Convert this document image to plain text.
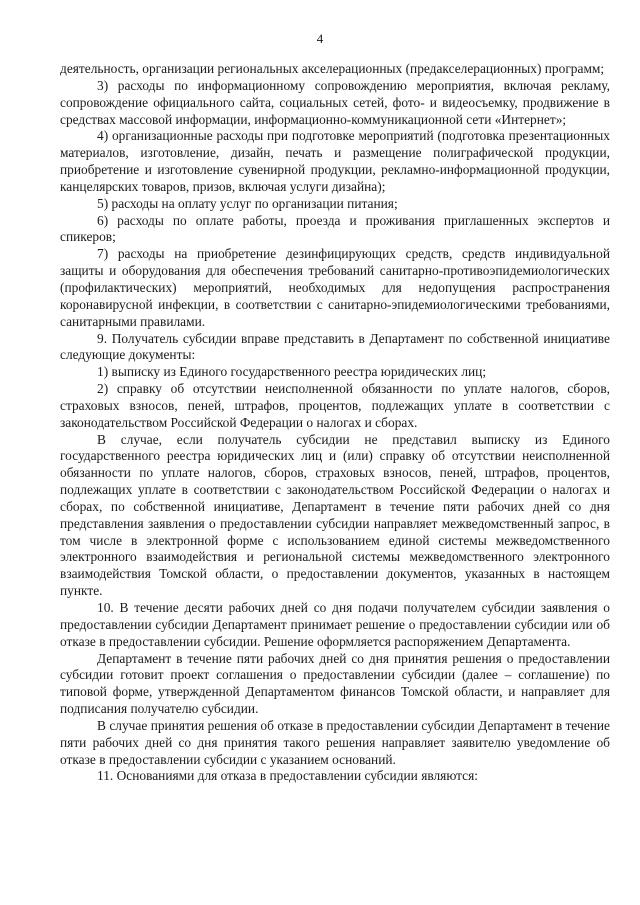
4

деятельность, организации региональных акселерационных (предакселерационных) программ;

3) расходы по информационному сопровождению мероприятия, включая рекламу, сопровождение официального сайта, социальных сетей, фото- и видеосъемку, продвижение в средствах массовой информации, информационно-коммуникационной сети «Интернет»;

4) организационные расходы при подготовке мероприятий (подготовка презентационных материалов, изготовление, дизайн, печать и размещение полиграфической продукции, приобретение и изготовление сувенирной продукции, рекламно-информационной продукции, канцелярских товаров, призов, включая услуги дизайна);

5) расходы на оплату услуг по организации питания;

6) расходы по оплате работы, проезда и проживания приглашенных экспертов и спикеров;

7) расходы на приобретение дезинфицирующих средств, средств индивидуальной защиты и оборудования для обеспечения требований санитарно-противоэпидемиологических (профилактических) мероприятий, необходимых для недопущения распространения коронавирусной инфекции, в соответствии с санитарно-эпидемиологическими требованиями, санитарными правилами.

9. Получатель субсидии вправе представить в Департамент по собственной инициативе следующие документы:

1) выписку из Единого государственного реестра юридических лиц;

2) справку об отсутствии неисполненной обязанности по уплате налогов, сборов, страховых взносов, пеней, штрафов, процентов, подлежащих уплате в соответствии с законодательством Российской Федерации о налогах и сборах.

В случае, если получатель субсидии не представил выписку из Единого государственного реестра юридических лиц и (или) справку об отсутствии неисполненной обязанности по уплате налогов, сборов, страховых взносов, пеней, штрафов, процентов, подлежащих уплате в соответствии с законодательством Российской Федерации о налогах и сборах, по собственной инициативе, Департамент в течение пяти рабочих дней со дня представления заявления о предоставлении субсидии направляет межведомственный запрос, в том числе в электронной форме с использованием единой системы межведомственного электронного взаимодействия и региональной системы межведомственного электронного взаимодействия Томской области, о предоставлении документов, указанных в настоящем пункте.

10. В течение десяти рабочих дней со дня подачи получателем субсидии заявления о предоставлении субсидии Департамент принимает решение о предоставлении субсидии или об отказе в предоставлении субсидии. Решение оформляется распоряжением Департамента.

Департамент в течение пяти рабочих дней со дня принятия решения о предоставлении субсидии готовит проект соглашения о предоставлении субсидии (далее – соглашение) по типовой форме, утвержденной Департаментом финансов Томской области, и направляет для подписания получателю субсидии.

В случае принятия решения об отказе в предоставлении субсидии Департамент в течение пяти рабочих дней со дня принятия такого решения направляет заявителю уведомление об отказе в предоставлении субсидии с указанием оснований.

11. Основаниями для отказа в предоставлении субсидии являются:
